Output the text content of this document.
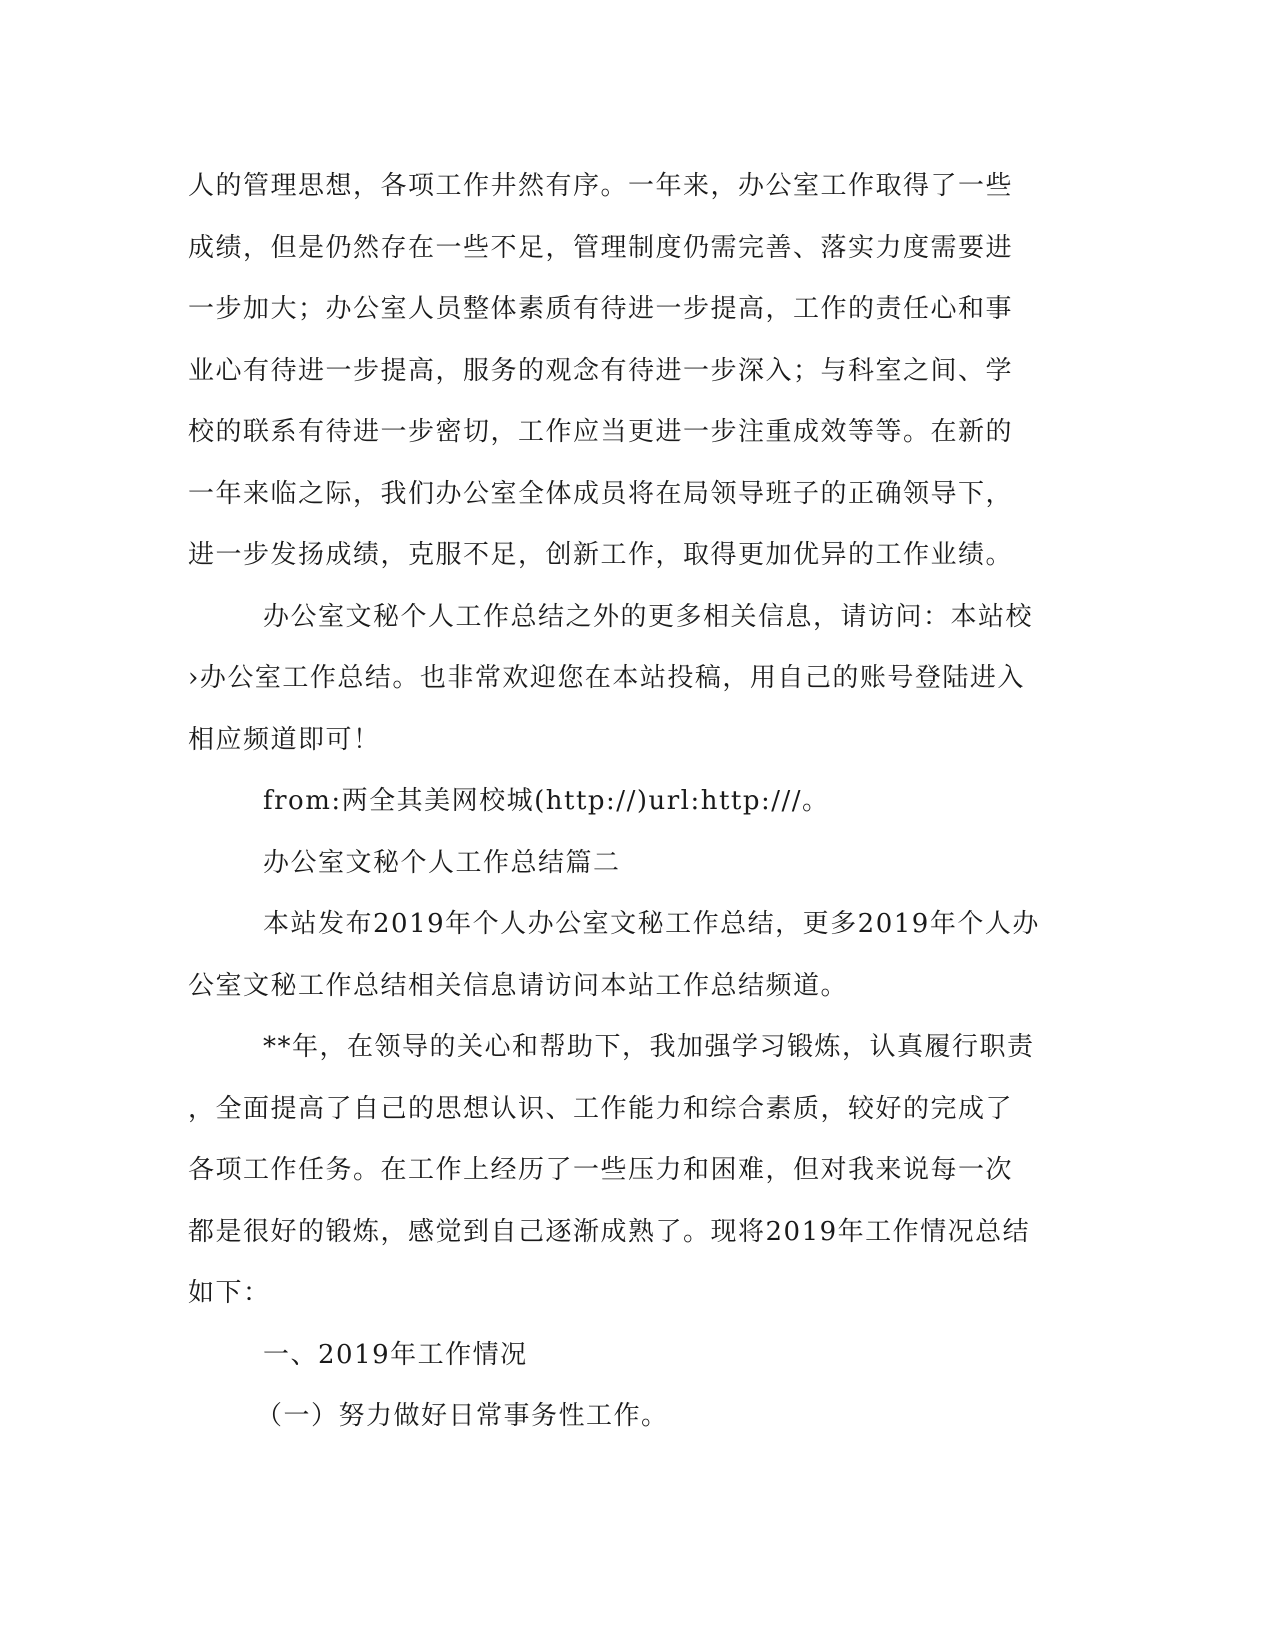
人的管理思想，各项工作井然有序。一年来，办公室工作取得了一些
成绩，但是仍然存在一些不足，管理制度仍需完善、落实力度需要进
一步加大；办公室人员整体素质有待进一步提高，工作的责任心和事
业心有待进一步提高，服务的观念有待进一步深入；与科室之间、学
校的联系有待进一步密切，工作应当更进一步注重成效等等。在新的
一年来临之际，我们办公室全体成员将在局领导班子的正确领导下，
进一步发扬成绩，克服不足，创新工作，取得更加优异的工作业绩。
办公室文秘个人工作总结之外的更多相关信息，请访问：本站校
›办公室工作总结。也非常欢迎您在本站投稿，用自己的账号登陆进入
相应频道即可！
from:两全其美网校城(http://)url:http:///。
办公室文秘个人工作总结篇二
本站发布2019年个人办公室文秘工作总结，更多2019年个人办
公室文秘工作总结相关信息请访问本站工作总结频道。
**年，在领导的关心和帮助下，我加强学习锻炼，认真履行职责
，全面提高了自己的思想认识、工作能力和综合素质，较好的完成了
各项工作任务。在工作上经历了一些压力和困难，但对我来说每一次
都是很好的锻炼，感觉到自己逐渐成熟了。现将2019年工作情况总结
如下：
一、2019年工作情况
（一）努力做好日常事务性工作。
